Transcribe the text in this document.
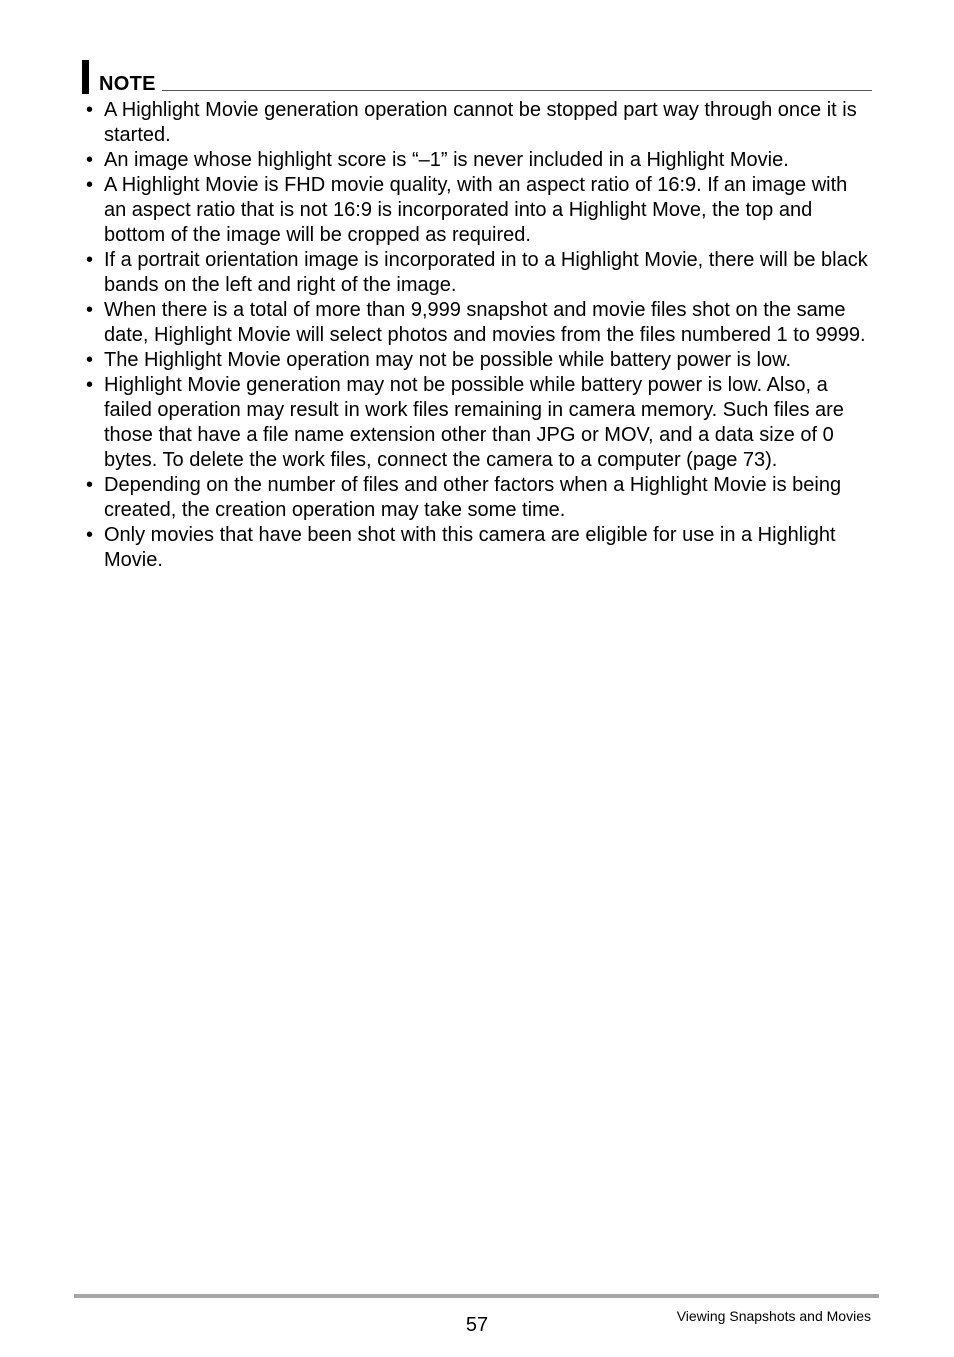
NOTE
• A Highlight Movie generation operation cannot be stopped part way through once it is started.
• An image whose highlight score is “–1” is never included in a Highlight Movie.
• A Highlight Movie is FHD movie quality, with an aspect ratio of 16:9. If an image with an aspect ratio that is not 16:9 is incorporated into a Highlight Move, the top and bottom of the image will be cropped as required.
• If a portrait orientation image is incorporated in to a Highlight Movie, there will be black bands on the left and right of the image.
• When there is a total of more than 9,999 snapshot and movie files shot on the same date, Highlight Movie will select photos and movies from the files numbered 1 to 9999.
• The Highlight Movie operation may not be possible while battery power is low.
• Highlight Movie generation may not be possible while battery power is low. Also, a failed operation may result in work files remaining in camera memory. Such files are those that have a file name extension other than JPG or MOV, and a data size of 0 bytes. To delete the work files, connect the camera to a computer (page 73).
• Depending on the number of files and other factors when a Highlight Movie is being created, the creation operation may take some time.
• Only movies that have been shot with this camera are eligible for use in a Highlight Movie.
57	Viewing Snapshots and Movies
